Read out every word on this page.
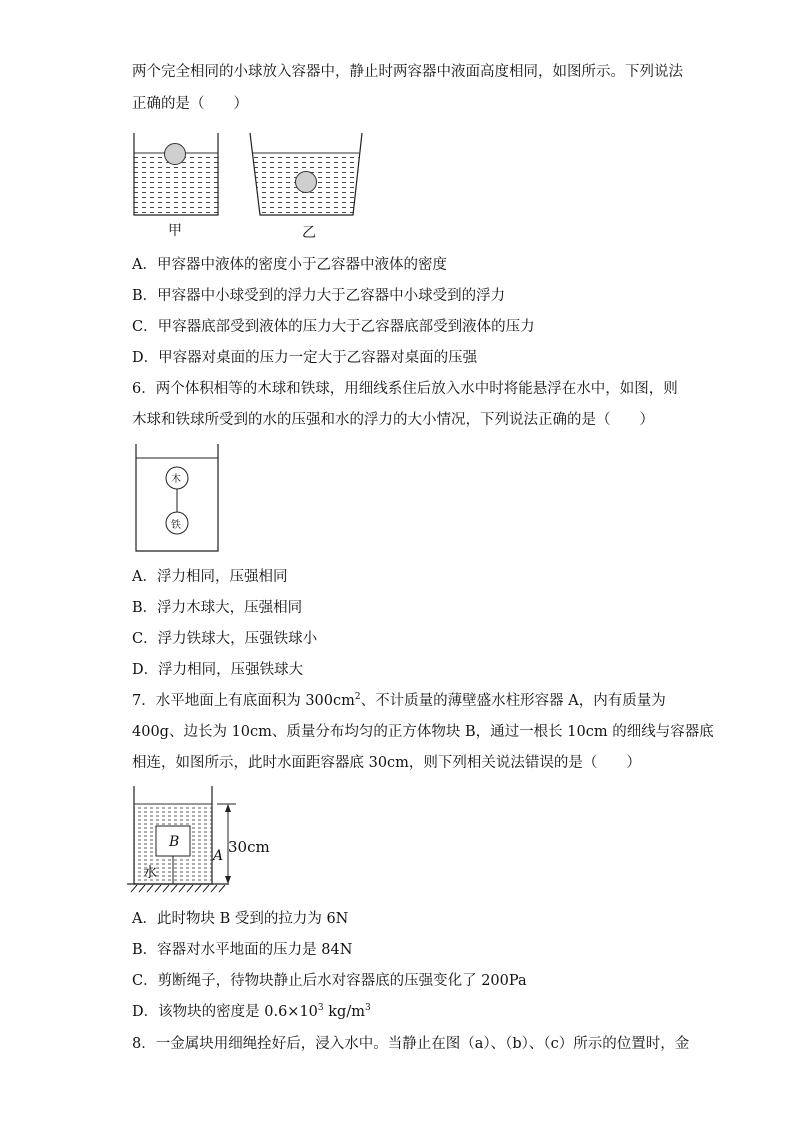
两个完全相同的小球放入容器中，静止时两容器中液面高度相同，如图所示。下列说法
正确的是（　　）
甲	乙
A．甲容器中液体的密度小于乙容器中液体的密度
B．甲容器中小球受到的浮力大于乙容器中小球受到的浮力
C．甲容器底部受到液体的压力大于乙容器底部受到液体的压力
D．甲容器对桌面的压力一定大于乙容器对桌面的压强
6．两个体积相等的木球和铁球，用细线系住后放入水中时将能悬浮在水中，如图，则
木球和铁球所受到的水的压强和水的浮力的大小情况，下列说法正确的是（　　）
木
铁
A．浮力相同，压强相同
B．浮力木球大，压强相同
C．浮力铁球大，压强铁球小
D．浮力相同，压强铁球大
7．水平地面上有底面积为 $300cm^2$、不计质量的薄壁盛水柱形容器 A，内有质量为
400g、边长为 10cm、质量分布均匀的正方体物块 B，通过一根长 10cm 的细线与容器底
相连，如图所示，此时水面距容器底 30cm，则下列相关说法错误的是（　　）
B
水
A 30cm
A．此时物块 B 受到的拉力为 6N
B．容器对水平地面的压力是 84N
C．剪断绳子，待物块静止后水对容器底的压强变化了 200Pa
D．该物块的密度是 $0.6\times 10^3$ $kg/m^3$
8．一金属块用细绳拴好后，浸入水中。当静止在图（a）、（b）、（c）所示的位置时，金
